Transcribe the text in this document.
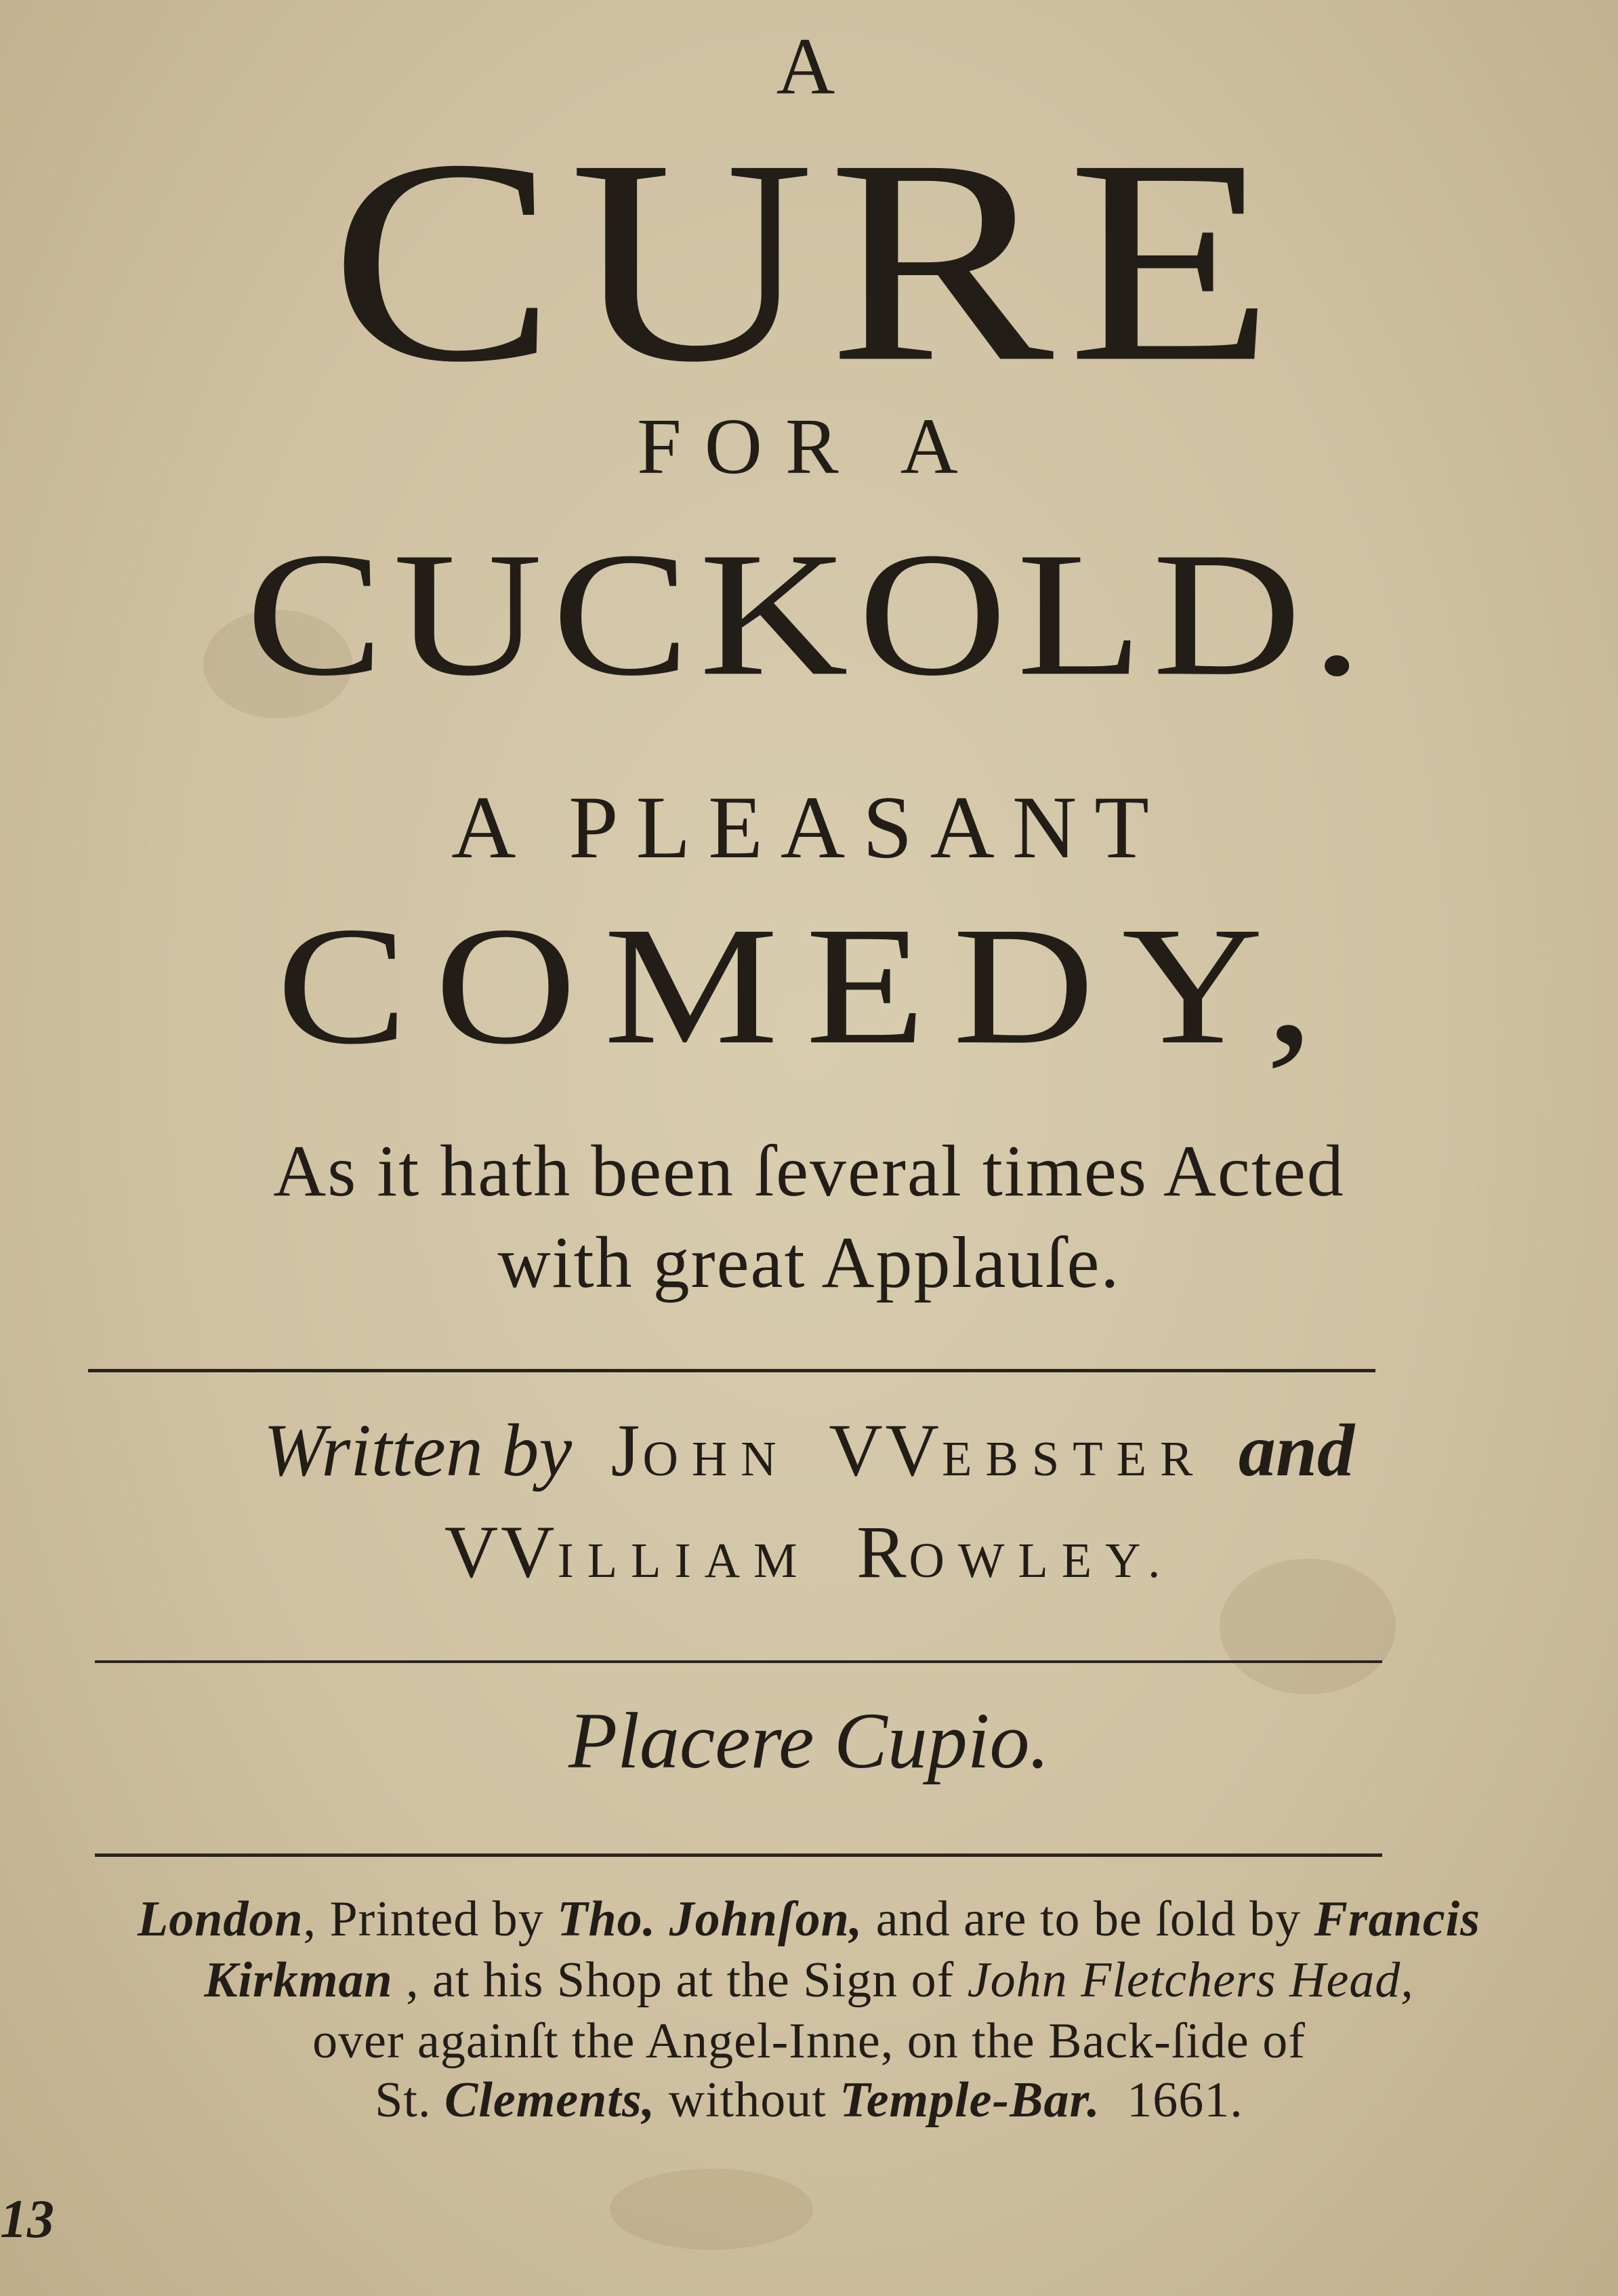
A
CURE
FOR A
CUCKOLD.
A PLEASANT
COMEDY,
As it hath been ſeveral times Acted
with great Applauſe.
Written by JOHN VVEBSTER and
VVILLIAM ROWLEY.
Placere Cupio.
London, Printed by Tho. Johnſon, and are to be ſold by Francis
Kirkman , at his Shop at the Sign of John Fletchers Head,
over againſt the Angel-Inne, on the Back-ſide of
St. Clements, without Temple-Bar. 1661.
13
